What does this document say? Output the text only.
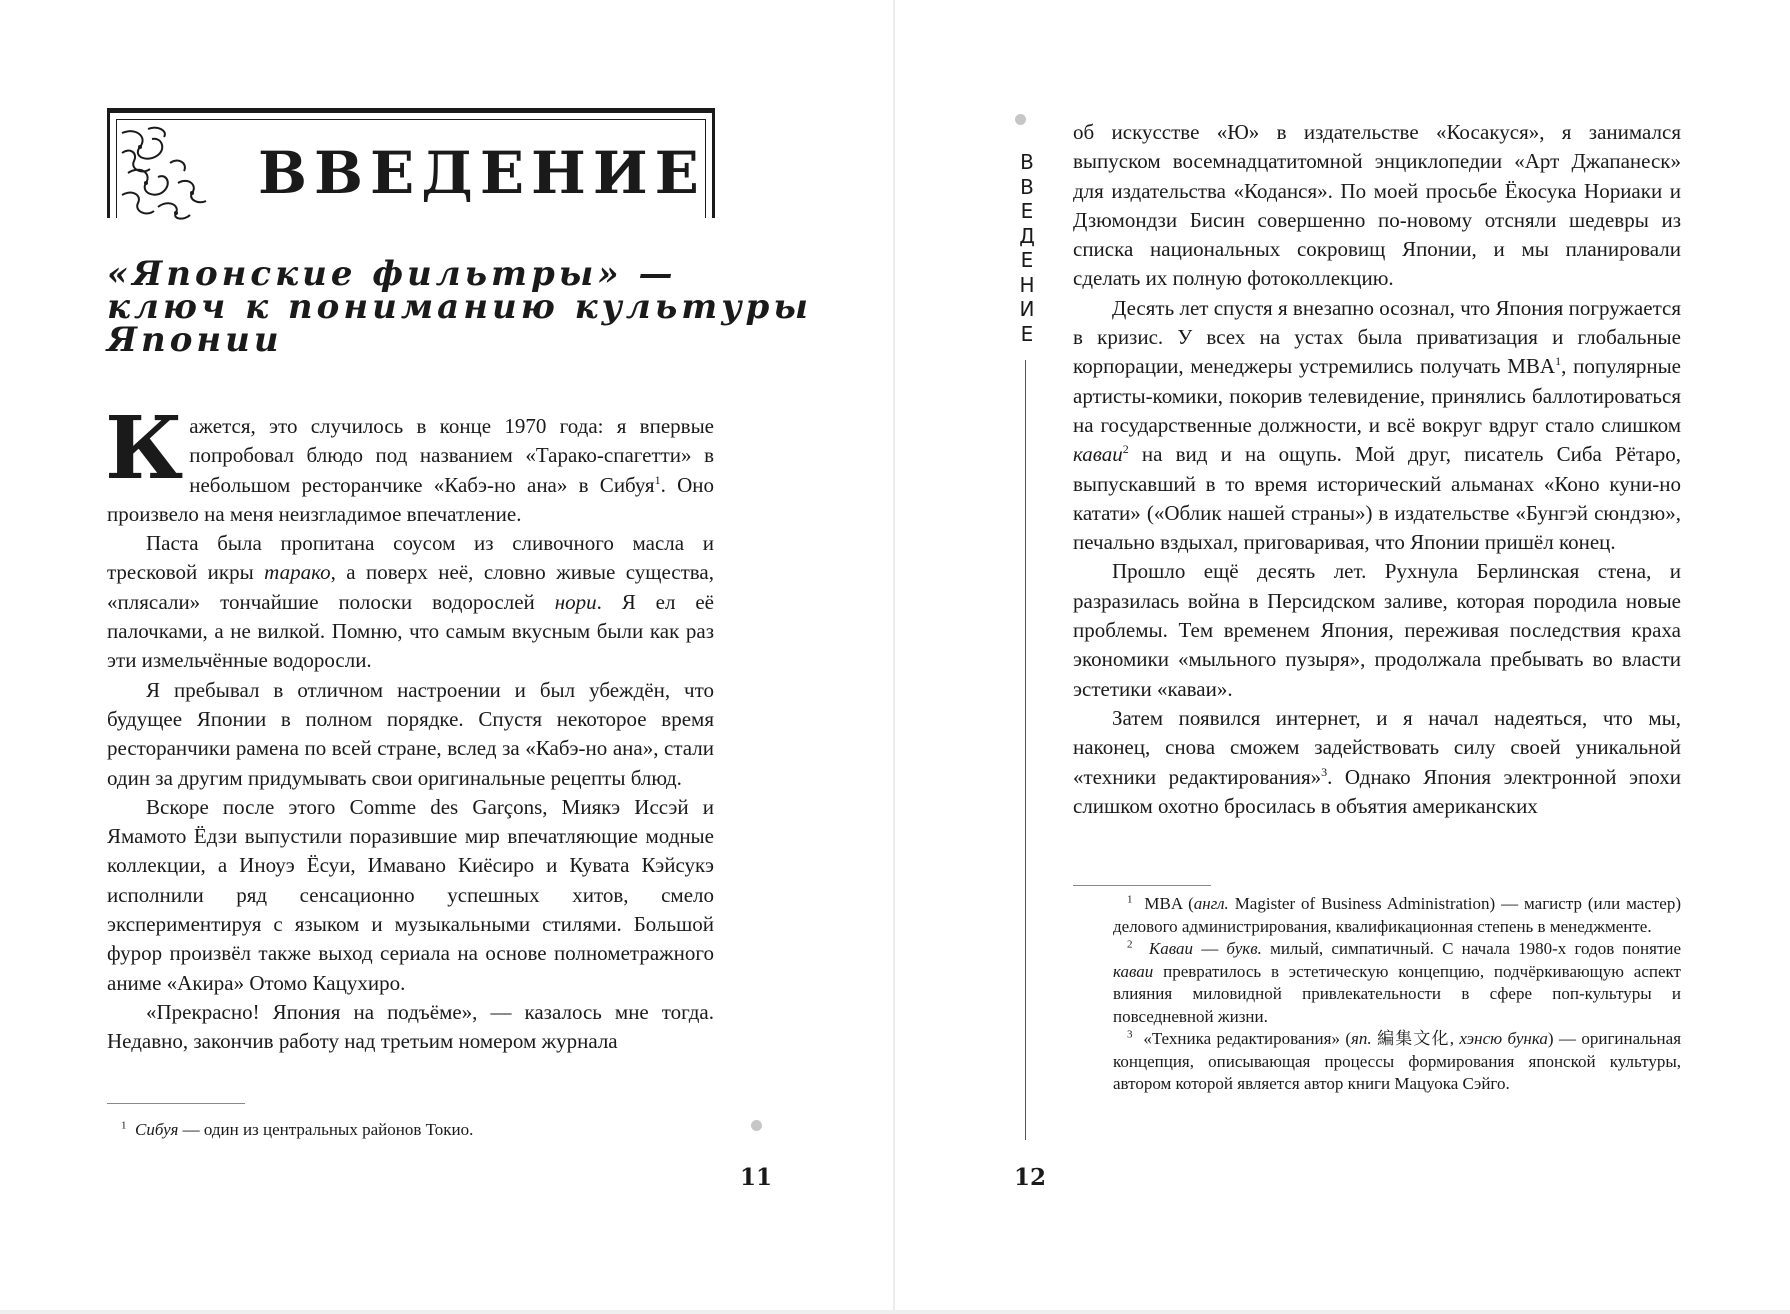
ВВЕДЕНИЕ
«Японские фильтры» —
ключ к пониманию культуры
Японии

Кажется, это случилось в конце 1970 года: я впервые попробовал блюдо под названием «Тарако-спагетти» в небольшом ресторанчике «Кабэ-но ана» в Сибуя$^1$. Оно произвело на меня неизгладимое впечатление.

Паста была пропитана соусом из сливочного масла и тресковой икры тарако, а поверх неё, словно живые существа, «плясали» тончайшие полоски водорослей нори. Я ел её палочками, а не вилкой. Помню, что самым вкусным были как раз эти измельчённые водоросли.

Я пребывал в отличном настроении и был убеждён, что будущее Японии в полном порядке. Спустя некоторое время ресторанчики рамена по всей стране, вслед за «Кабэ-но ана», стали один за другим придумывать свои оригинальные рецепты блюд.

Вскоре после этого Comme des Garçons, Миякэ Иссэй и Ямамото Ёдзи выпустили поразившие мир впечатляющие модные коллекции, а Иноуэ Ёсуи, Имавано Киёсиро и Кувата Кэйсукэ исполнили ряд сенсационно успешных хитов, смело экспериментируя с языком и музыкальными стилями. Большой фурор произвёл также выход сериала на основе полнометражного аниме «Акира» Отомо Кацухиро.

«Прекрасно! Япония на подъёме», — казалось мне тогда. Недавно, закончив работу над третьим номером журнала

$^1$ Сибуя — один из центральных районов Токио.

11
В
В
Е
Д
Е
Н
И
Е

об искусстве «Ю» в издательстве «Косакуся», я занимался выпуском восемнадцатитомной энциклопедии «Арт Джапанеск» для издательства «Коданся». По моей просьбе Ёкосука Нориаки и Дзюмондзи Бисин совершенно по-новому отсняли шедевры из списка национальных сокровищ Японии, и мы планировали сделать их полную фотоколлекцию.

Десять лет спустя я внезапно осознал, что Япония погружается в кризис. У всех на устах была приватизация и глобальные корпорации, менеджеры устремились получать MBA$^1$, популярные артисты-комики, покорив телевидение, принялись баллотироваться на государственные должности, и всё вокруг вдруг стало слишком каваи$^2$ на вид и на ощупь. Мой друг, писатель Сиба Рётаро, выпускавший в то время исторический альманах «Коно куни-но катати» («Облик нашей страны») в издательстве «Бунгэй сюндзю», печально вздыхал, приговаривая, что Японии пришёл конец.

Прошло ещё десять лет. Рухнула Берлинская стена, и разразилась война в Персидском заливе, которая породила новые проблемы. Тем временем Япония, переживая последствия краха экономики «мыльного пузыря», продолжала пребывать во власти эстетики «каваи».

Затем появился интернет, и я начал надеяться, что мы, наконец, снова сможем задействовать силу своей уникальной «техники редактирования»$^3$. Однако Япония электронной эпохи слишком охотно бросилась в объятия американских

$^1$ MBA (англ. Magister of Business Administration) — магистр (или мастер) делового администрирования, квалификационная степень в менеджменте.

$^2$ Каваи — букв. милый, симпатичный. С начала 1980-х годов понятие каваи превратилось в эстетическую концепцию, подчёркивающую аспект влияния миловидной привлекательности в сфере поп-культуры и повседневной жизни.

$^3$ «Техника редактирования» (яп. 編集文化, хэнсю бунка) — оригинальная концепция, описывающая процессы формирования японской культуры, автором которой является автор книги Мацуока Сэйго.

12
